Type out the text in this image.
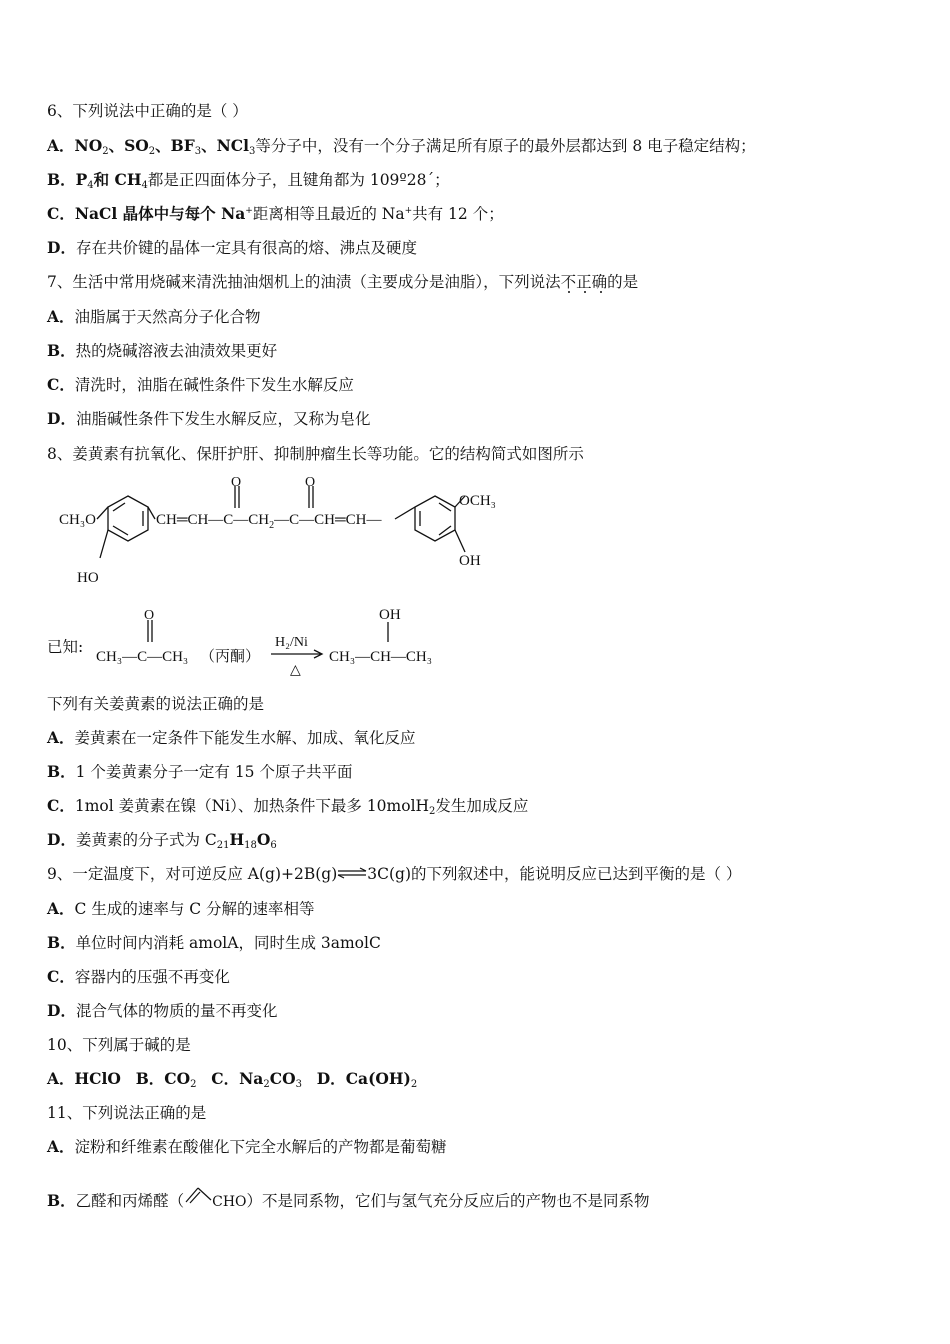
6、下列说法中正确的是（ ）
A．$NO_2$、$SO_2$、$BF_3$、NCl$_3$等分子中，没有一个分子满足所有原子的最外层都达到 8 电子稳定结构；
B．$P_4$和 $CH_4$都是正四面体分子，且键角都为 109º28´；
C．NaCl 晶体中与每个 Na+距离相等且最近的 Na+共有 12 个；
D．存在共价键的晶体一定具有很高的熔、沸点及硬度
7、生活中常用烧碱来清洗抽油烟机上的油渍（主要成分是油脂），下列说法不正确
的是
A．油脂属于天然高分子化合物
B．热的烧碱溶液去油渍效果更好
C．清洗时，油脂在碱性条件下发生水解反应
D．油脂碱性条件下发生水解反应，又称为皂化
8、姜黄素有抗氧化、保肝护肝、抑制肿瘤生长等功能。它的结构简式如图所示
CH₃O
HO
O	O
$CH═CH—C—CH_2—C—CH═CH—$
OCH₃
OH
已知:
O
CH₃—C—CH₃ （丙酮）
H₂/Ni
△
OH
CH₃—CH—CH₃
下列有关姜黄素的说法正确的是
A．姜黄素在一定条件下能发生水解、加成、氧化反应
B．1 个姜黄素分子一定有 15 个原子共平面
C．1mol 姜黄素在镍（Ni）、加热条件下最多 10molH$_2$发生加成反应
D．姜黄素的分子式为 $C_{21}H_{18}O_6$
9、一定温度下，对可逆反应 A(g)+2B(g)⇌3C(g)的下列叙述中，能说明反应已达到平衡的是（ ）
A．C 生成的速率与 C 分解的速率相等
B．单位时间内消耗 amolA，同时生成 3amolC
C．容器内的压强不再变化
D．混合气体的物质的量不再变化
10、下列属于碱的是
A．HClO B．$CO_2$ C．$Na_2CO_3$ D．$Ca(OH)_2$
11、下列说法正确的是
A．淀粉和纤维素在酸催化下完全水解后的产物都是葡萄糖
B．乙醛和丙烯醛（ CHO）不是同系物，它们与氢气充分反应后的产物也不是同系物
